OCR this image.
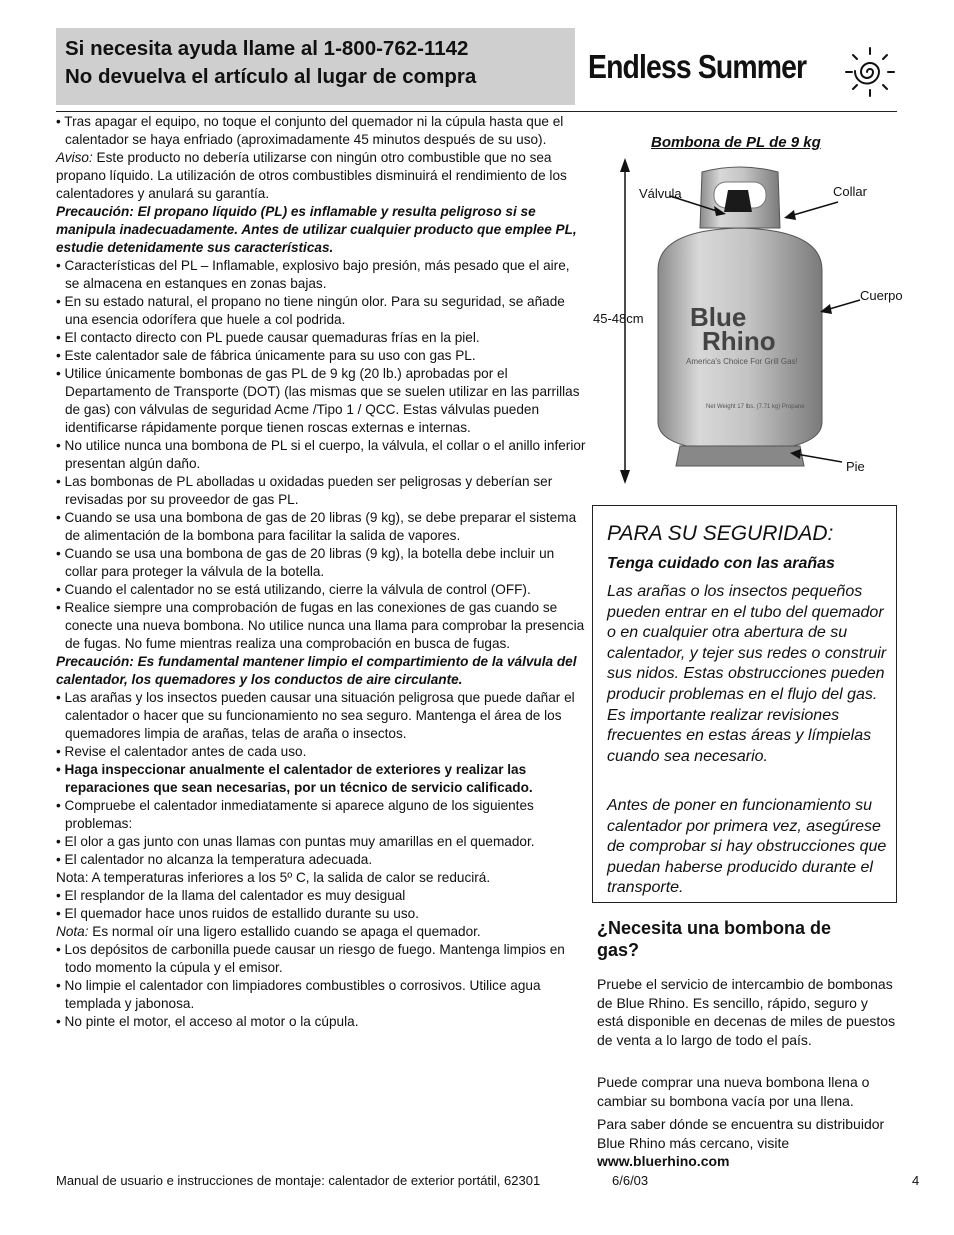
Si necesita ayuda llame al 1-800-762-1142
No devuelva el artículo al lugar de compra	Endless Summer

• Tras apagar el equipo, no toque el conjunto del quemador ni la cúpula hasta que el calentador se haya enfriado (aproximadamente 45 minutos después de su uso).

Aviso: Este producto no debería utilizarse con ningún otro combustible que no sea propano líquido. La utilización de otros combustibles disminuirá el rendimiento de los calentadores y anulará su garantía.

Precaución: El propano líquido (PL) es inflamable y resulta peligroso si se manipula inadecuadamente. Antes de utilizar cualquier producto que emplee PL, estudie detenidamente sus características.

• Características del PL – Inflamable, explosivo bajo presión, más pesado que el aire, se almacena en estanques en zonas bajas.

• En su estado natural, el propano no tiene ningún olor. Para su seguridad, se añade una esencia odorífera que huele a col podrida.

• El contacto directo con PL puede causar quemaduras frías en la piel.

• Este calentador sale de fábrica únicamente para su uso con gas PL.

• Utilice únicamente bombonas de gas PL de 9 kg (20 lb.) aprobadas por el Departamento de Transporte (DOT) (las mismas que se suelen utilizar en las parrillas de gas) con válvulas de seguridad Acme /Tipo 1 / QCC. Estas válvulas pueden identificarse rápidamente porque tienen roscas externas e internas.

• No utilice nunca una bombona de PL si el cuerpo, la válvula, el collar o el anillo inferior presentan algún daño.

• Las bombonas de PL abolladas u oxidadas pueden ser peligrosas y deberían ser revisadas por su proveedor de gas PL.

• Cuando se usa una bombona de gas de 20 libras (9 kg), se debe preparar el sistema de alimentación de la bombona para facilitar la salida de vapores.

• Cuando se usa una bombona de gas de 20 libras (9 kg), la botella debe incluir un collar para proteger la válvula de la botella.

• Cuando el calentador no se está utilizando, cierre la válvula de control (OFF).

• Realice siempre una comprobación de fugas en las conexiones de gas cuando se conecte una nueva bombona. No utilice nunca una llama para comprobar la presencia de fugas. No fume mientras realiza una comprobación en busca de fugas.

Precaución: Es fundamental mantener limpio el compartimiento de la válvula del calentador, los quemadores y los conductos de aire circulante.

• Las arañas y los insectos pueden causar una situación peligrosa que puede dañar el calentador o hacer que su funcionamiento no sea seguro. Mantenga el área de los quemadores limpia de arañas, telas de araña o insectos.

• Revise el calentador antes de cada uso.

• Haga inspeccionar anualmente el calentador de exteriores y realizar las reparaciones que sean necesarias, por un técnico de servicio calificado.

• Compruebe el calentador inmediatamente si aparece alguno de los siguientes problemas:

• El olor a gas junto con unas llamas con puntas muy amarillas en el quemador.

• El calentador no alcanza la temperatura adecuada.

Nota: A temperaturas inferiores a los 5º C, la salida de calor se reducirá.

• El resplandor de la llama del calentador es muy desigual

• El quemador hace unos ruidos de estallido durante su uso.

Nota: Es normal oír una ligero estallido cuando se apaga el quemador.

• Los depósitos de carbonilla puede causar un riesgo de fuego. Mantenga limpios en todo momento la cúpula y el emisor.

• No limpie el calentador con limpiadores combustibles o corrosivos. Utilice agua templada y jabonosa.

• No pinte el motor, el acceso al motor o la cúpula.

Bombona de PL de 9 kg
Blue
Rhino
America's Choice For Grill Gas!
Net Weight 17 lbs. (7.71 kg) Propane
Válvula	Collar
Cuerpo
45-48cm
Pie
PARA SU SEGURIDAD:
Tenga cuidado con las arañas
Las arañas o los insectos pequeños pueden entrar en el tubo del quemador o en cualquier otra abertura de su calentador, y tejer sus redes o construir sus nidos. Estas obstrucciones pueden producir problemas en el flujo del gas. Es importante realizar revisiones frecuentes en estas áreas y límpielas cuando sea necesario.
Antes de poner en funcionamiento su calentador por primera vez, asegúrese de comprobar si hay obstrucciones que puedan haberse producido durante el transporte.
¿Necesita una bombona de gas?
Pruebe el servicio de intercambio de bombonas de Blue Rhino. Es sencillo, rápido, seguro y está disponible en decenas de miles de puestos de venta a lo largo de todo el país.
Puede comprar una nueva bombona llena o cambiar su bombona vacía por una llena.
Para saber dónde se encuentra su distribuidor Blue Rhino más cercano, visite
www.bluerhino.com
Manual de usuario e instrucciones de montaje: calentador de exterior portátil, 62301	6/6/03	4
